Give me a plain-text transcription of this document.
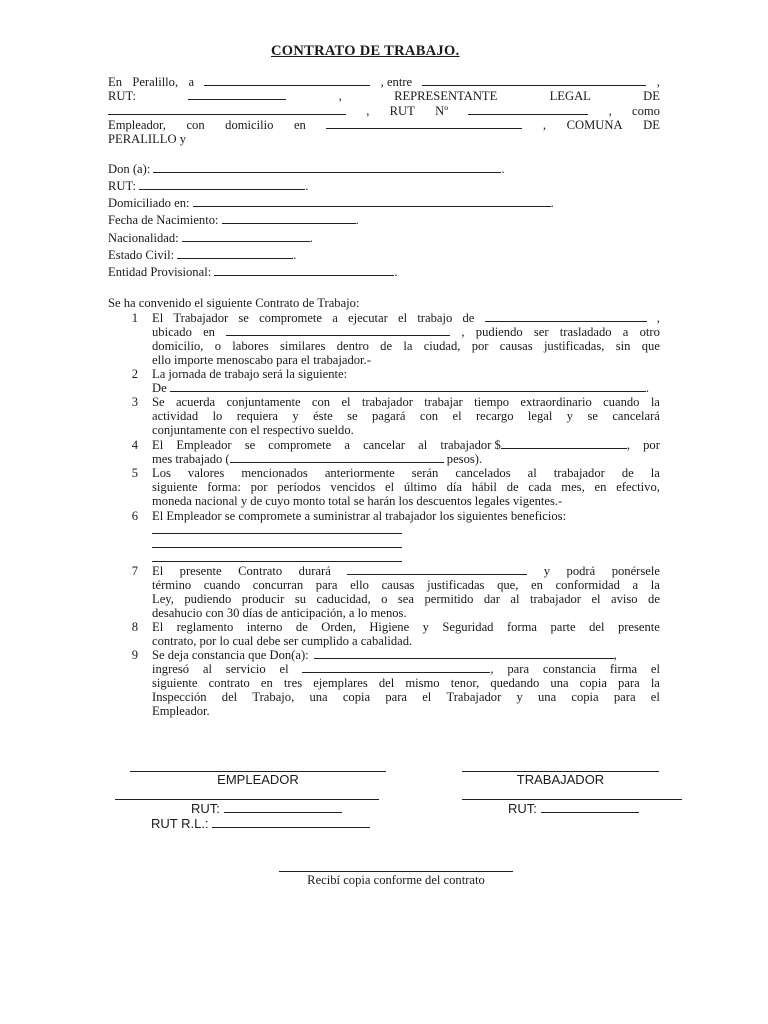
CONTRATO DE TRABAJO.
En Peralillo, a	, entre	,
RUT:	,	REPRESENTANTE	LEGAL	DE
, RUT Nº	, como
Empleador, con domicilio en	, COMUNA DE
PERALILLO y
Don (a):	.
RUT:	.
Domiciliado en:	.
Fecha de Nacimiento:	.
Nacionalidad:	.
Estado Civil:	.
Entidad Provisional:	.
Se ha convenido el siguiente Contrato de Trabajo:
1 El Trabajador se compromete a ejecutar el trabajo de	,
ubicado en	, pudiendo ser trasladado a otro
domicilio, o labores similares dentro de la ciudad, por causas justificadas, sin que
ello importe menoscabo para el trabajador.-
2 La jornada de trabajo será la siguiente:
De	.
3 Se acuerda conjuntamente con el trabajador trabajar tiempo extraordinario cuando la
actividad lo requiera y éste se pagará con el recargo legal y se cancelará
conjuntamente con el respectivo sueldo.
4 El Empleador se compromete a cancelar al trabajador $	, por
mes trabajado (	pesos).
5 Los valores mencionados anteriormente serán cancelados al trabajador de la
siguiente forma: por períodos vencidos el último día hábil de cada mes, en efectivo,
moneda nacional y de cuyo monto total se harán los descuentos legales vigentes.-
6 El Empleador se compromete a suministrar al trabajador los siguientes beneficios:
7 El presente Contrato durará	y podrá ponérsele
término cuando concurran para ello causas justificadas que, en conformidad a la
Ley, pudiendo producir su caducidad, o sea permitido dar al trabajador el aviso de
desahucio con 30 días de anticipación, a lo menos.
8 El reglamento interno de Orden, Higiene y Seguridad forma parte del presente
contrato, por lo cual debe ser cumplido a cabalidad.
9 Se deja constancia que Don(a):	,
ingresó al servicio el	, para constancia firma el
siguiente contrato en tres ejemplares del mismo tenor, quedando una copia para la
Inspección del Trabajo, una copia para el Trabajador y una copia para el
Empleador.
EMPLEADOR	TRABAJADOR
RUT:	RUT:
RUT R.L.:
Recibí copia conforme del contrato
